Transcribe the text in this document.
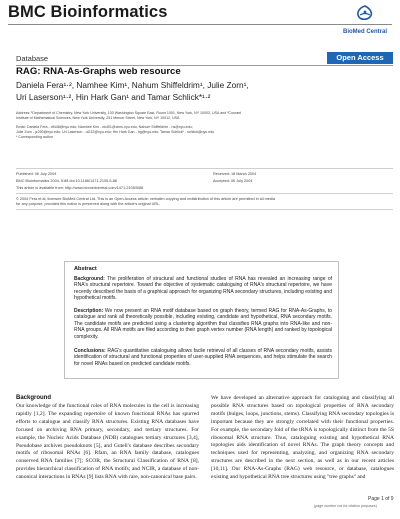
BMC Bioinformatics
BioMed Central
Database	Open Access
RAG: RNA-As-Graphs web resource
Daniela Fera¹·², Namhee Kim¹, Nahum Shiffeldrim¹, Julie Zorn¹,
Uri Laserson¹·², Hin Hark Gan¹ and Tamar Schlick*¹·²
Address: ¹Department of Chemistry, New York University, 100 Washington Square East, Room 1001, New York, NY 10003, USA and ²Courant
Institute of Mathematical Sciences, New York University, 251 Mercer Street, New York, NY 10012, USA
Email: Daniela Fera - df448@nyu.edu; Namhee Kim - nk401@cims.nyu.edu; Nahum Shiffeldrim - ns@nyu.edu;
Julie Zorn - jz290@nyu.edu; Uri Laserson - ul212@nyu.edu; Hin Hark Gan - hg@nyu.edu; Tamar Schlick* - schlick@nyu.edu
* Corresponding author
Published: 06 July 2004	Received: 18 March 2004
BMC Bioinformatics 2004, 5:88 doi:10.1186/1471-2105-5-88	Accepted: 06 July 2004
This article is available from: http://www.biomedcentral.com/1471-2105/5/88
© 2004 Fera et al; licensee BioMed Central Ltd. This is an Open Access article: verbatim copying and redistribution of this article are permitted in all media
for any purpose, provided this notice is preserved along with the article's original URL.
Abstract
Background: The proliferation of structural and functional studies of RNA has revealed an increasing range of RNA's structural repertoire. Toward the objective of systematic cataloguing of RNA's structural repertoire, we have recently described the basis of a graphical approach for organizing RNA secondary structures, including existing and hypothetical motifs.
Description: We now present an RNA motif database based on graph theory, termed RAG for RNA-As-Graphs, to catalogue and rank all theoretically possible, including existing, candidate and hypothetical, RNA secondary motifs. The candidate motifs are predicted using a clustering algorithm that classifies RNA graphs into RNA-like and non-RNA groups. All RNA motifs are filed according to their graph vertex number (RNA length) and ranked by topological complexity.
Conclusions: RAG's quantitative cataloguing allows facile retrieval of all classes of RNA secondary motifs, assists identification of structural and functional properties of user-supplied RNA sequences, and helps stimulate the search for novel RNAs based on predicted candidate motifs.
Background
Our knowledge of the functional roles of RNA molecules in the cell is increasing rapidly [1,2]. The expanding repertoire of known functional RNAs has spurred efforts to catalogue and classify RNA structures. Existing RNA databases have focused on archiving RNA primary, secondary, and tertiary structures. For example, the Nucleic Acids Database (NDB) catalogues tertiary structures [3,4], Pseudobase archives pseudoknots [5], and Gutell's database describes secondary motifs of ribosomal RNAs [6]. Rfam, an RNA family database, catalogues conserved RNA families [7]; SCOR, the Structural Classification of RNA [8], provides hierarchical classification of RNA motifs; and NCIR, a database of non-canonical interactions in RNAs [9] lists RNA with rare, non-canonical base pairs.
We have developed an alternative approach for cataloguing and classifying all possible RNA structures based on topological properties of RNA secondary motifs (bulges, loops, junctions, stems). Classifying RNA secondary topologies is important because they are strongly correlated with their functional properties. For example, the secondary fold of the tRNA is topologically distinct from the 5S ribosomal RNA structure. Thus, cataloguing existing and hypothetical RNA topologies aids identification of novel RNAs. The graph theory concepts and techniques used for representing, analyzing, and organizing RNA secondary structures are described in the next section, as well as in our recent articles [10,11]. Our RNA-As-Graphs (RAG) web resource, or database, catalogues existing and hypothetical RNA tree structures using "tree graphs" and
Page 1 of 9
(page number not for citation purposes)
